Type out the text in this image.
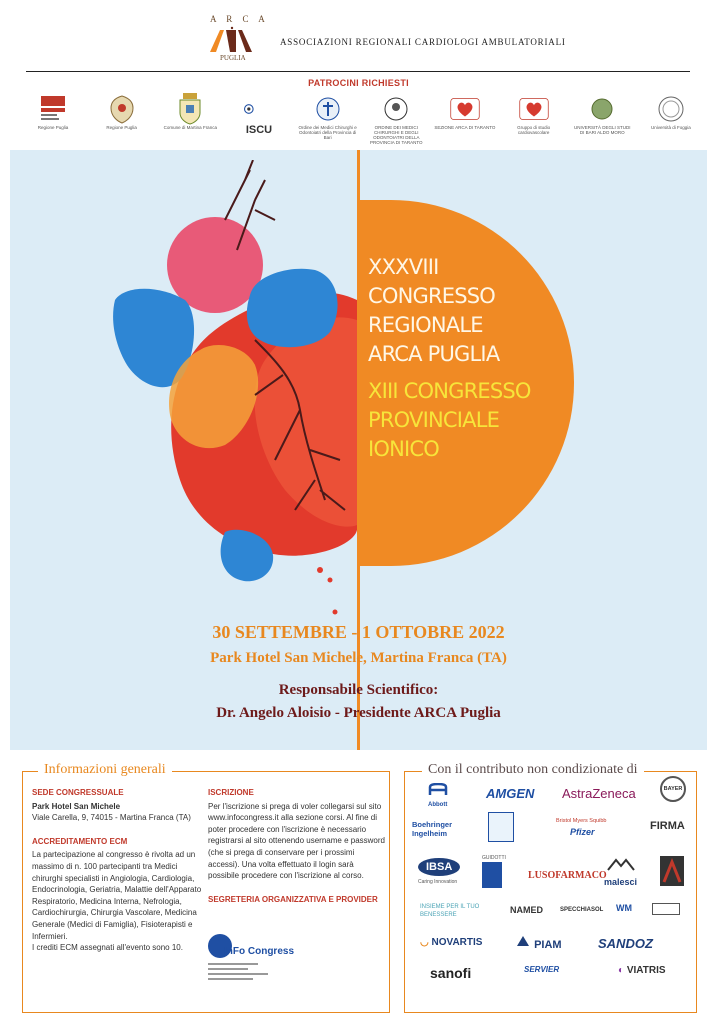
A R C A
PUGLIA
ASSOCIAZIONI REGIONALI CARDIOLOGI AMBULATORIALI
PATROCINI RICHIESTI
Regione Puglia	Regione Puglia	Comune di Martina Franca	ISCU	Ordine dei Medici Chirurghi e Odontoiatri della Provincia di Bari
ORDINE DEI MEDICI CHIRURGHI E DEGLI ODONTOIATRI DELLA PROVINCIA DI TARANTO
SEZIONE ARCA DI TARANTO	Gruppo di studio cardiovascolare
UNIVERSITÀ DEGLI STUDI DI BARI ALDO MORO
Università di Foggia
XXXVIII
CONGRESSO
REGIONALE
ARCA PUGLIA
XIII CONGRESSO
PROVINCIALE
IONICO
30 SETTEMBRE - 1 OTTOBRE 2022
Park Hotel San Michele, Martina Franca (TA)
Responsabile Scientifico:
Dr. Angelo Aloisio - Presidente ARCA Puglia
Informazioni generali
SEDE CONGRESSUALE
Park Hotel San Michele
Viale Carella, 9, 74015 - Martina Franca (TA)
ACCREDITAMENTO ECM
La partecipazione al congresso è rivolta ad un massimo di n. 100 partecipanti tra Medici chirurghi specialisti in Angiologia, Cardiologia, Endocrinologia, Geriatria, Malattie dell'Apparato Respiratorio, Medicina Interna, Nefrologia, Cardiochirurgia, Chirurgia Vascolare, Medicina Generale (Medici di Famiglia), Fisioterapisti e Infermieri.
I crediti ECM assegnati all'evento sono 10.
ISCRIZIONE
Per l'iscrizione si prega di voler collegarsi sul sito www.infocongress.it alla sezione corsi. Al fine di poter procedere con l'iscrizione è necessario registrarsi al sito ottenendo username e password (che si prega di conservare per i prossimi accessi). Una volta effettuato il login sarà possibile procedere con l'iscrizione al corso.
SEGRETERIA ORGANIZZATIVA E PROVIDER
InFo Congress
Con il contributo non condizionate di
Abbott
AMGEN AstraZeneca	BAYER
Boehringer Ingelheim
Bristol Myers Squibb
Pfizer	FIRMA
IBSA
Caring Innovation
GUIDOTTI
LUSOFARMACO
malesci
INSIEME PER IL TUO BENESSERE	NAMED	SPECCHIASOL WM
◡ NOVARTIS	PIAM	SANDOZ
sanofi	SERVIER	◐ VIATRIS
